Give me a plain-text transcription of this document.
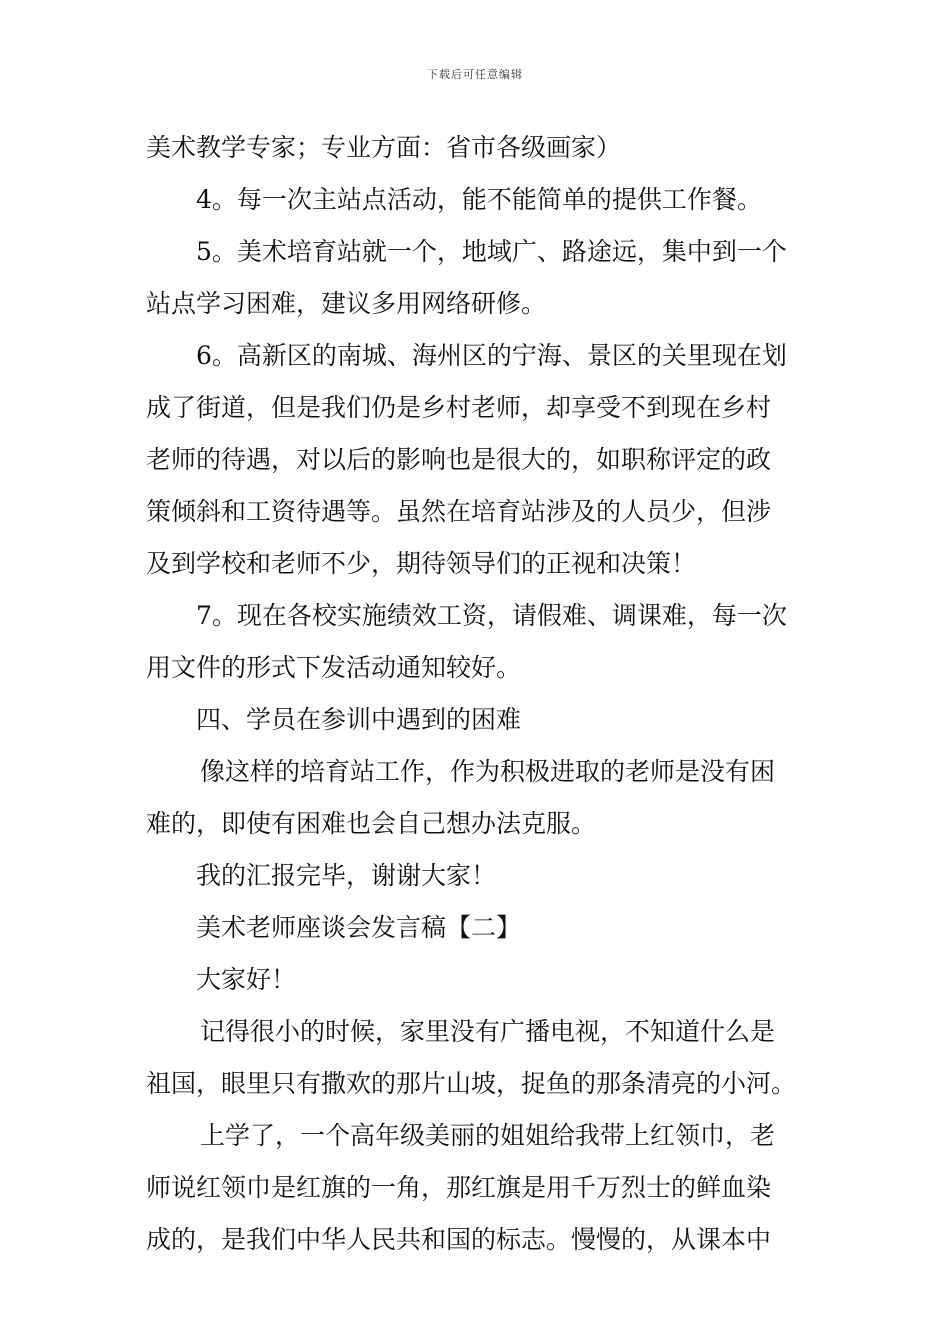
下载后可任意编辑
美术教学专家；专业方面：省市各级画家）
4。每一次主站点活动，能不能简单的提供工作餐。
5。美术培育站就一个，地域广、路途远，集中到一个
站点学习困难，建议多用网络研修。
6。高新区的南城、海州区的宁海、景区的关里现在划
成了街道，但是我们仍是乡村老师，却享受不到现在乡村
老师的待遇，对以后的影响也是很大的，如职称评定的政
策倾斜和工资待遇等。虽然在培育站涉及的人员少，但涉
及到学校和老师不少，期待领导们的正视和决策！
7。现在各校实施绩效工资，请假难、调课难，每一次
用文件的形式下发活动通知较好。
四、学员在参训中遇到的困难
像这样的培育站工作，作为积极进取的老师是没有困
难的，即使有困难也会自己想办法克服。
我的汇报完毕，谢谢大家！
美术老师座谈会发言稿【二】
大家好！
记得很小的时候，家里没有广播电视，不知道什么是
祖国，眼里只有撒欢的那片山坡，捉鱼的那条清亮的小河。
上学了，一个高年级美丽的姐姐给我带上红领巾，老
师说红领巾是红旗的一角，那红旗是用千万烈士的鲜血染
成的，是我们中华人民共和国的标志。慢慢的，从课本中
